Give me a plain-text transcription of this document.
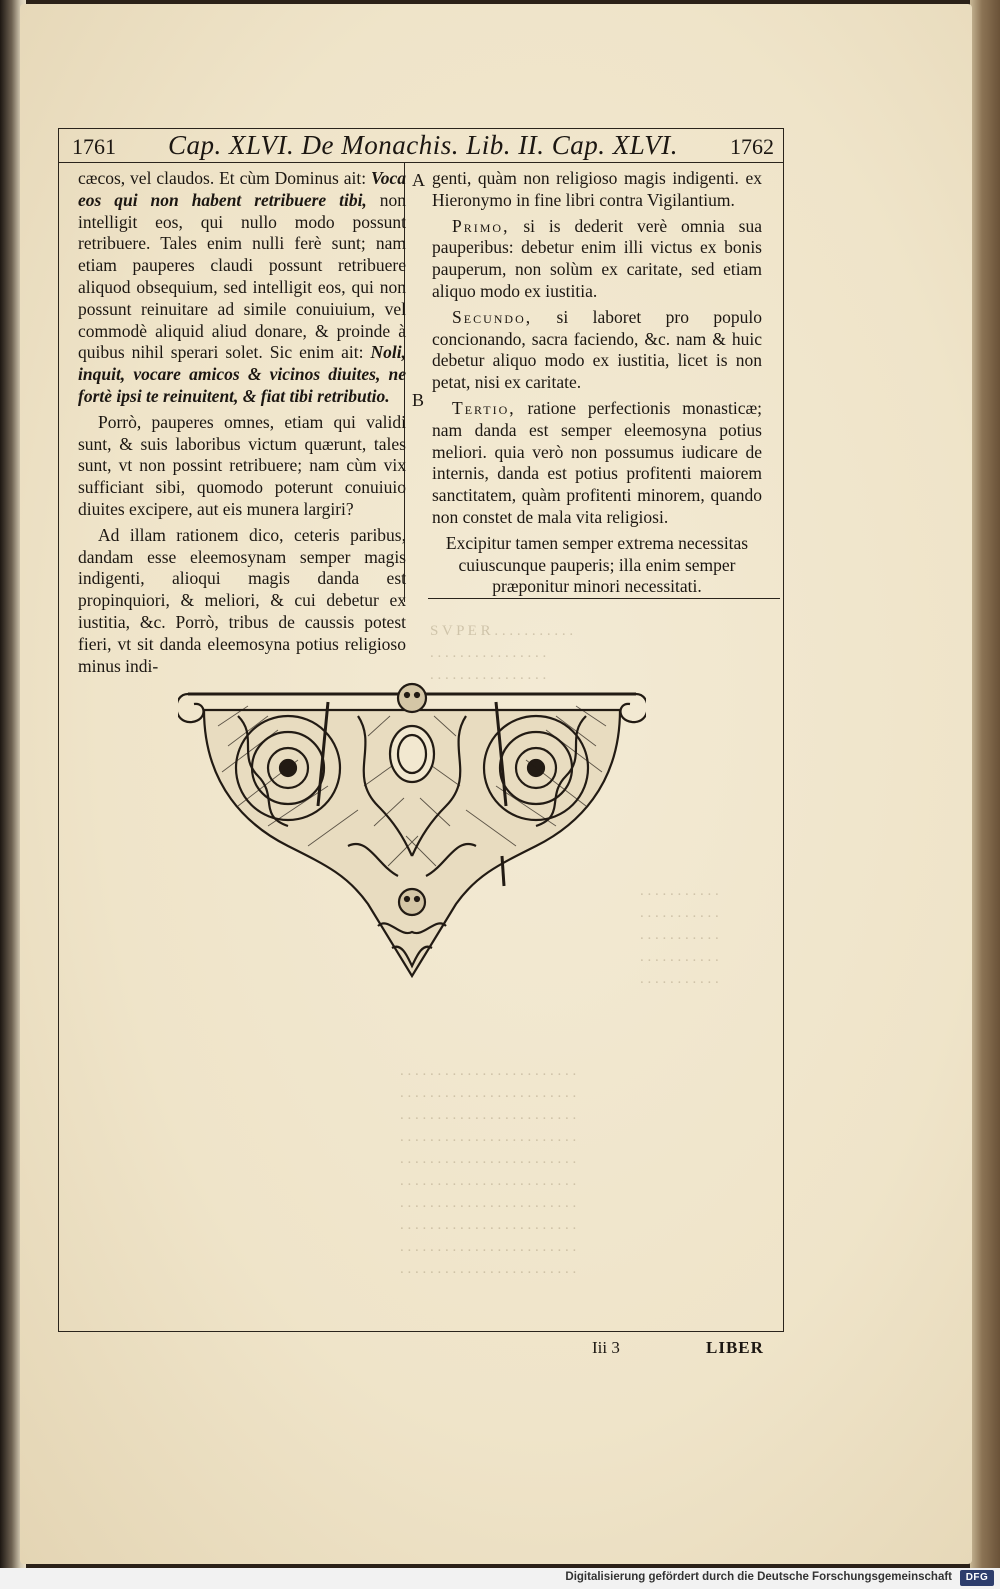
1761 Cap. XLVI. De Monachis. Lib. II. Cap. XLVI. 1762
A
B

cæcos, vel claudos. Et cùm Dominus ait: Voca eos qui non habent retribuere tibi, non intelligit eos, qui nullo modo possunt retribuere. Tales enim nulli ferè sunt; nam etiam pauperes claudi possunt retribuere aliquod obsequium, sed intelligit eos, qui non possunt reinuitare ad simile conuiuium, vel commodè aliquid aliud donare, & proinde à quibus nihil sperari solet. Sic enim ait: Noli, inquit, vocare amicos & vicinos diuites, ne fortè ipsi te reinuitent, & fiat tibi retributio.

Porrò, pauperes omnes, etiam qui validi sunt, & suis laboribus victum quærunt, tales sunt, vt non possint retribuere; nam cùm vix sufficiant sibi, quomodo poterunt conuiuio diuites excipere, aut eis munera largiri?

Ad illam rationem dico, ceteris paribus, dandam esse eleemosynam semper magis indigenti, alioqui magis danda est propinquiori, & meliori, & cui debetur ex iustitia, &c. Porrò, tribus de caussis potest fieri, vt sit danda eleemosyna potius religioso minus indi-

genti, quàm non religioso magis indigenti. ex Hieronymo in fine libri contra Vigilantium.

Primo, si is dederit verè omnia sua pauperibus: debetur enim illi victus ex bonis pauperum, non solùm ex caritate, sed etiam aliquo modo ex iustitia.

Secundo, si laboret pro populo concionando, sacra faciendo, &c. nam & huic debetur aliquo modo ex iustitia, licet is non petat, nisi ex caritate.

Tertio, ratione perfectionis monasticæ; nam danda est semper eleemosyna potius meliori. quia verò non possumus iudicare de internis, danda est potius profitenti maiorem sanctitatem, quàm profitenti minorem, quando non constet de mala vita religiosi.

Excipitur tamen semper extrema necessitas cuiuscunque pauperis; illa enim semper præponitur minori necessitati.

S V P E R . . . . . . . . . . .
. . . . . . . . . . . . . . . .
. . . . . . . . . . . . . . . .
. . . . . . . . . . .
. . . . . . . . . . .
. . . . . . . . . . .
. . . . . . . . . . .
. . . . . . . . . . .
. . . . . . . . . . . . . . . . . . . . . . . .
. . . . . . . . . . . . . . . . . . . . . . . .
. . . . . . . . . . . . . . . . . . . . . . . .
. . . . . . . . . . . . . . . . . . . . . . . .
. . . . . . . . . . . . . . . . . . . . . . . .
. . . . . . . . . . . . . . . . . . . . . . . .
. . . . . . . . . . . . . . . . . . . . . . . .
. . . . . . . . . . . . . . . . . . . . . . . .
. . . . . . . . . . . . . . . . . . . . . . . .
. . . . . . . . . . . . . . . . . . . . . . . .
Iii 3	LIBER
Digitalisierung gefördert durch die Deutsche Forschungsgemeinschaft	DFG
